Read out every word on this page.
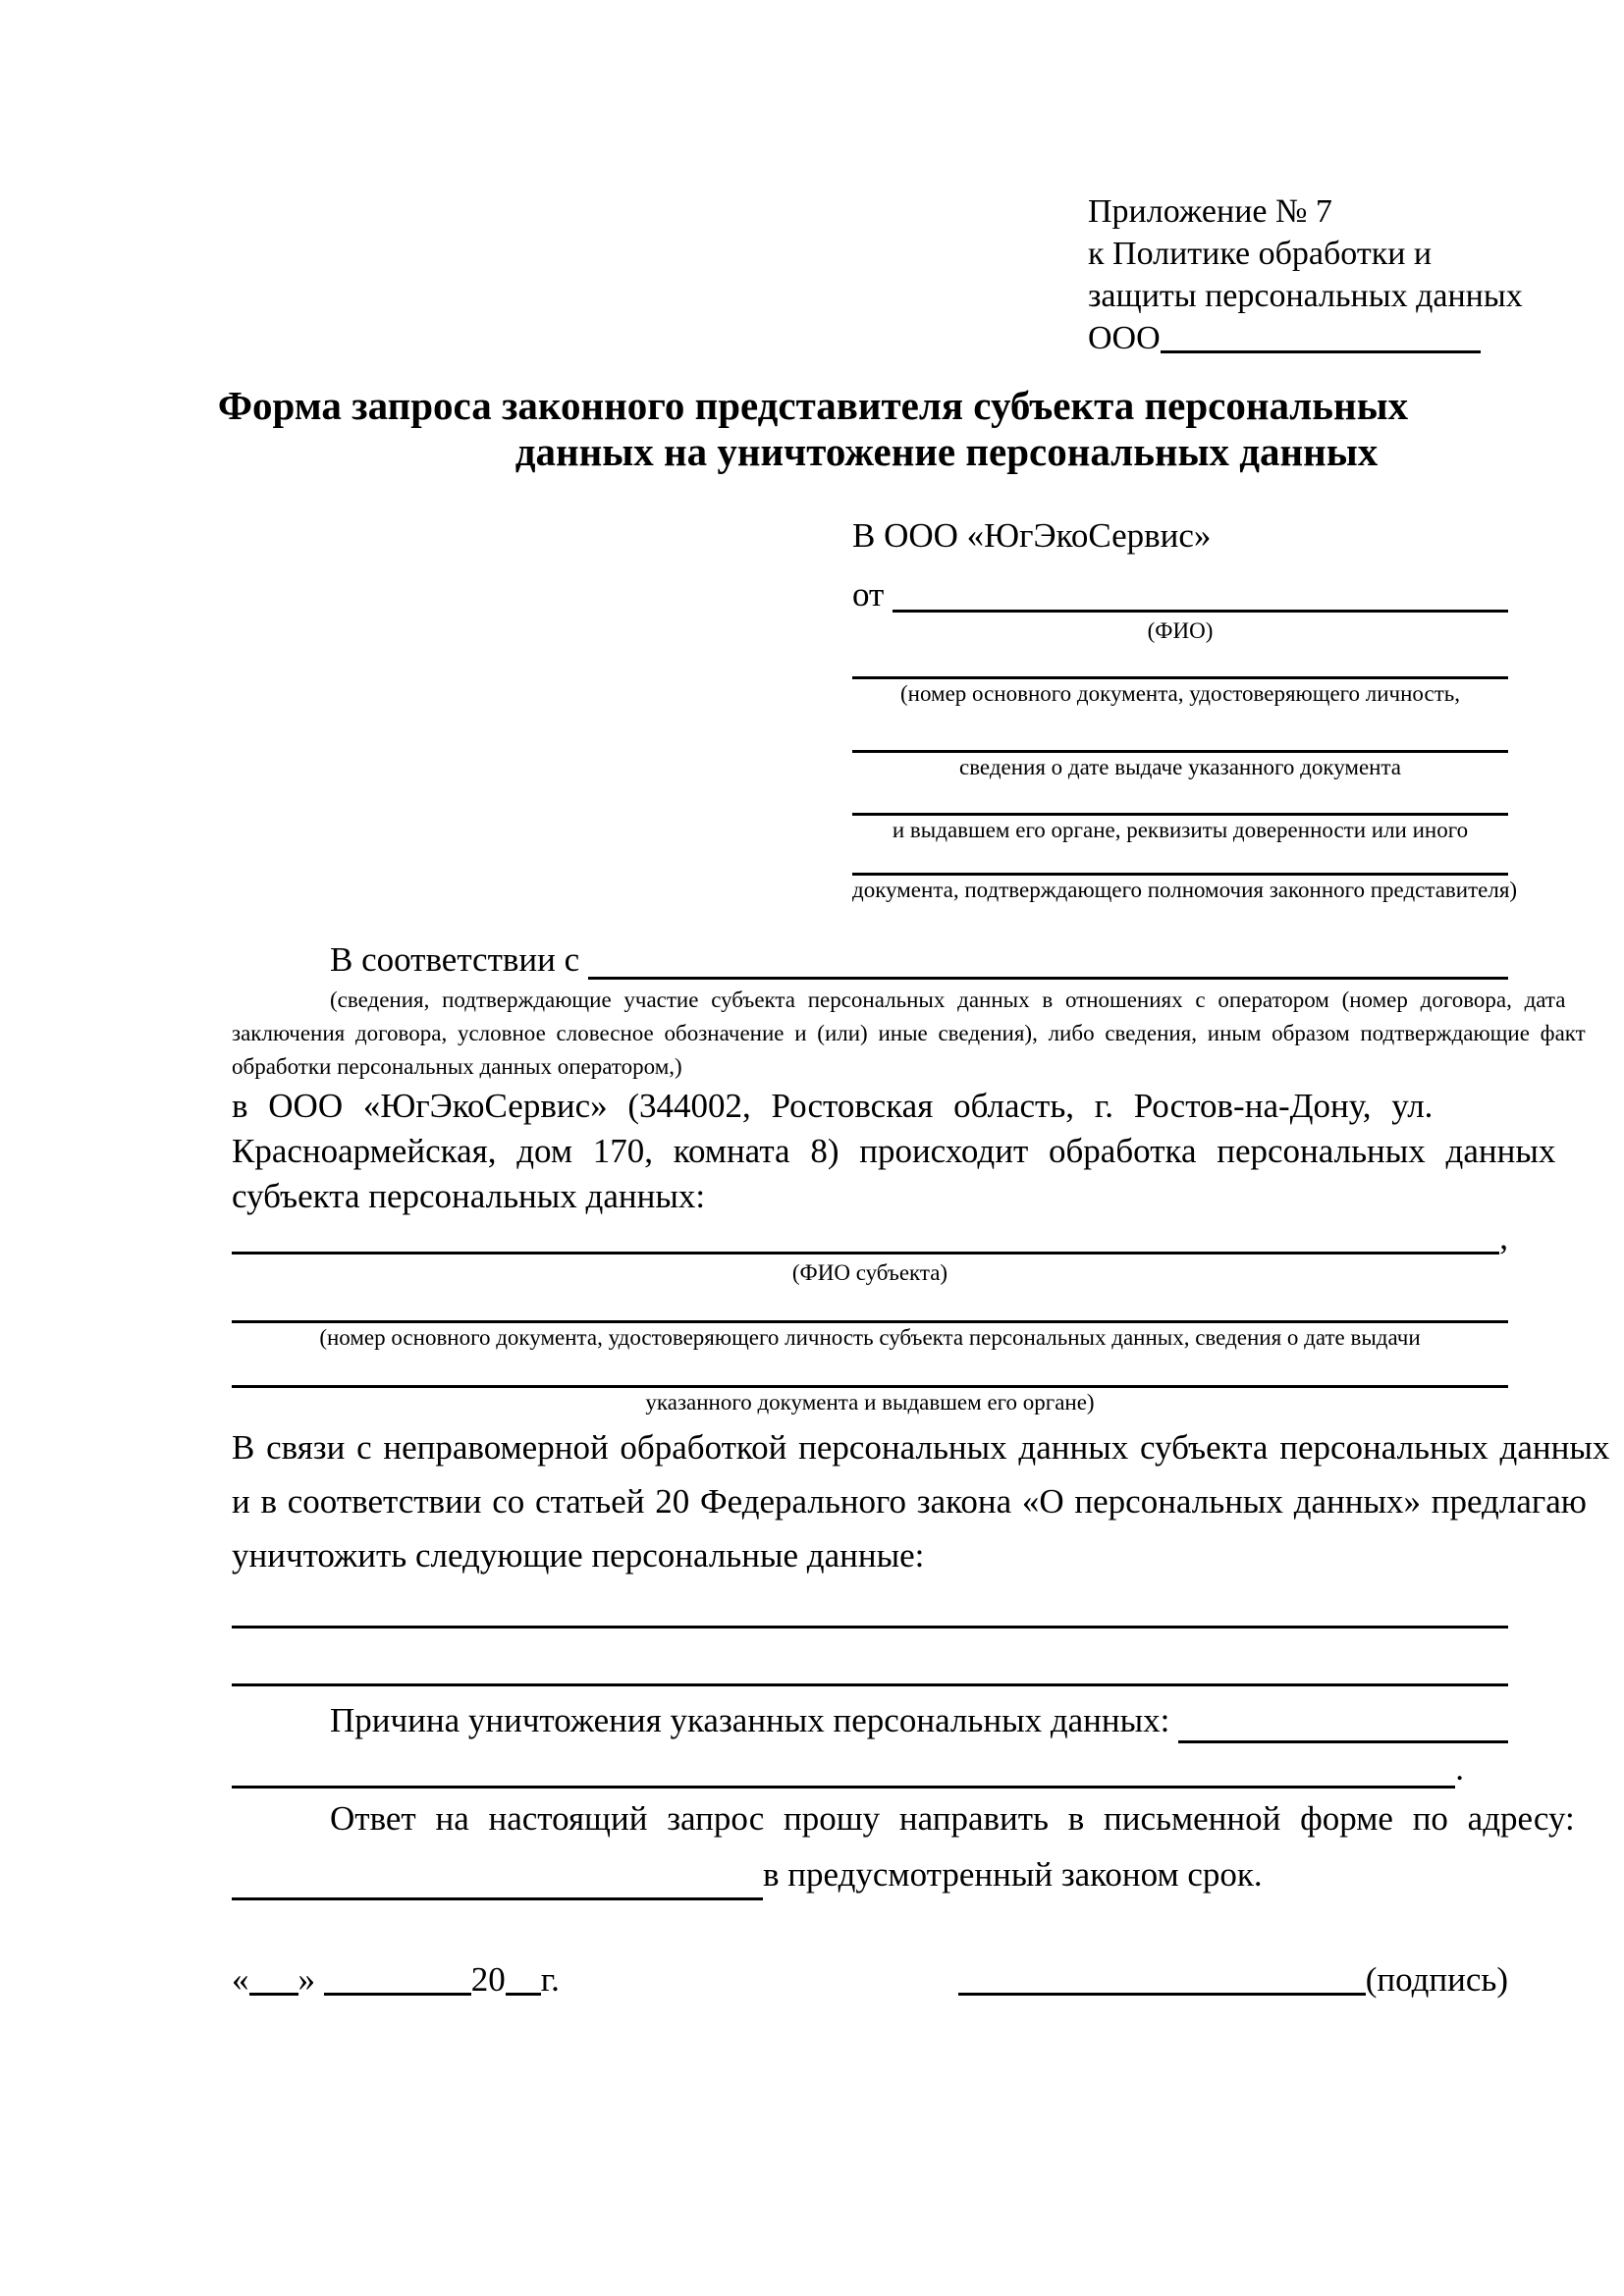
Приложение № 7
к Политике обработки и
защиты персональных данных
ООО
Форма запроса законного представителя субъекта персональных
данных на уничтожение персональных данных
В ООО «ЮгЭкоСервис»
от

(ФИО)
(номер основного документа, удостоверяющего личность,
сведения о дате выдаче указанного документа
и выдавшем его органе, реквизиты доверенности или иного
документа, подтверждающего полномочия законного представителя)
В соответствии с

(сведения, подтверждающие участие субъекта персональных данных в отношениях с оператором (номер договора, дата
заключения договора, условное словесное обозначение и (или) иные сведения), либо сведения, иным образом подтверждающие факт
обработки персональных данных оператором,)
в ООО «ЮгЭкоСервис» (344002, Ростовская область, г. Ростов-на-Дону, ул.
Красноармейская, дом 170, комната 8) происходит обработка персональных данных
субъекта персональных данных:
,
(ФИО субъекта)
(номер основного документа, удостоверяющего личность субъекта персональных данных, сведения о дате выдачи
указанного документа и выдавшем его органе)
В связи с неправомерной обработкой персональных данных субъекта персональных данных
и в соответствии со статьей 20 Федерального закона «О персональных данных» предлагаю
уничтожить следующие персональные данные:
Причина уничтожения указанных персональных данных:

.
Ответ на настоящий запрос прошу направить в письменной форме по адресу:
в предусмотренный законом срок.
« »	20 г.	(подпись)
